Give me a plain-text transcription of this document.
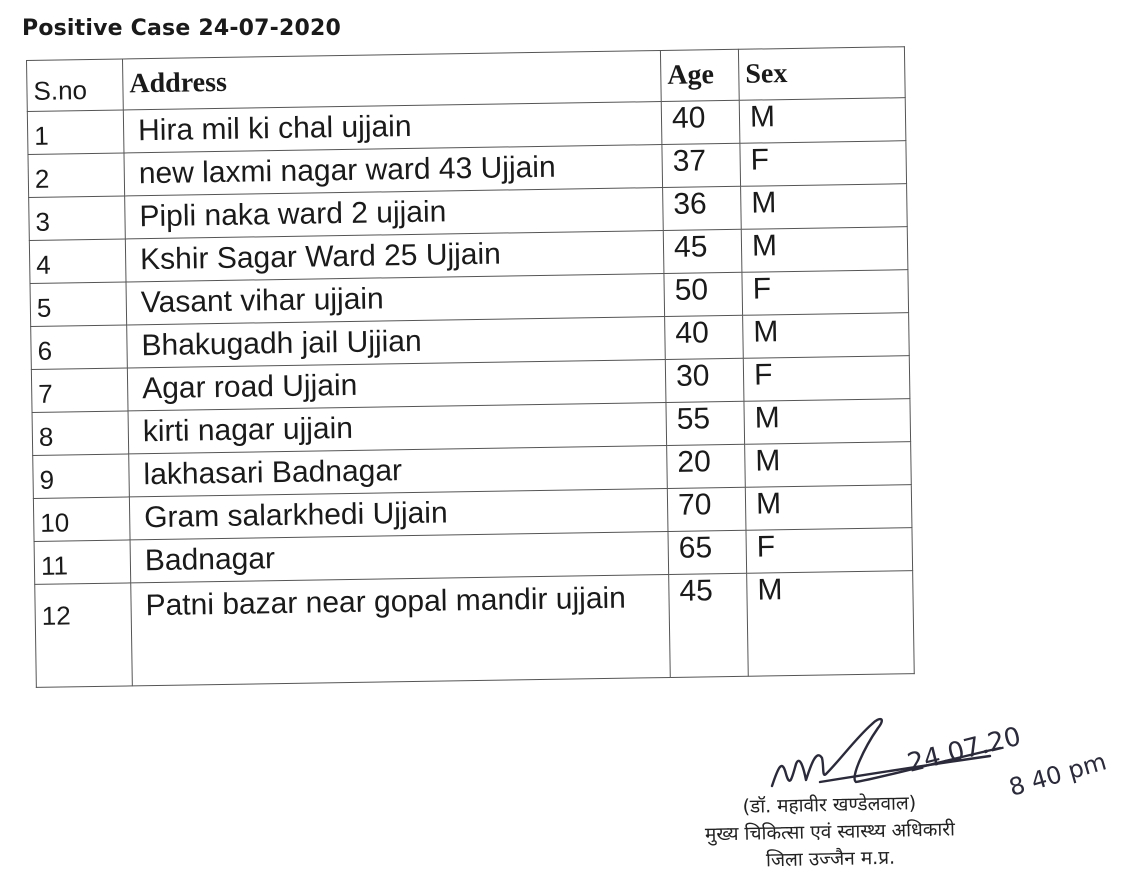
Positive Case 24-07-2020
S.no	Address	Age	Sex
1	Hira mil ki chal ujjain	40	M
2	new laxmi nagar ward 43 Ujjain	37	F
3	Pipli naka ward 2 ujjain	36	M
4	Kshir Sagar Ward 25 Ujjain	45	M
5	Vasant vihar ujjain	50	F
6	Bhakugadh jail Ujjian	40	M
7	Agar road Ujjain	30	F
8	kirti nagar ujjain	55	M
9	lakhasari Badnagar	20	M
10	Gram salarkhedi Ujjain	70	M
11	Badnagar	65	F
12	Patni bazar near gopal mandir ujjain	45	M
24.07.20
8 40 pm
(डॉ. महावीर खण्डेलवाल)
मुख्य चिकित्सा एवं स्वास्थ्य अधिकारी
जिला उज्जैन म.प्र.
